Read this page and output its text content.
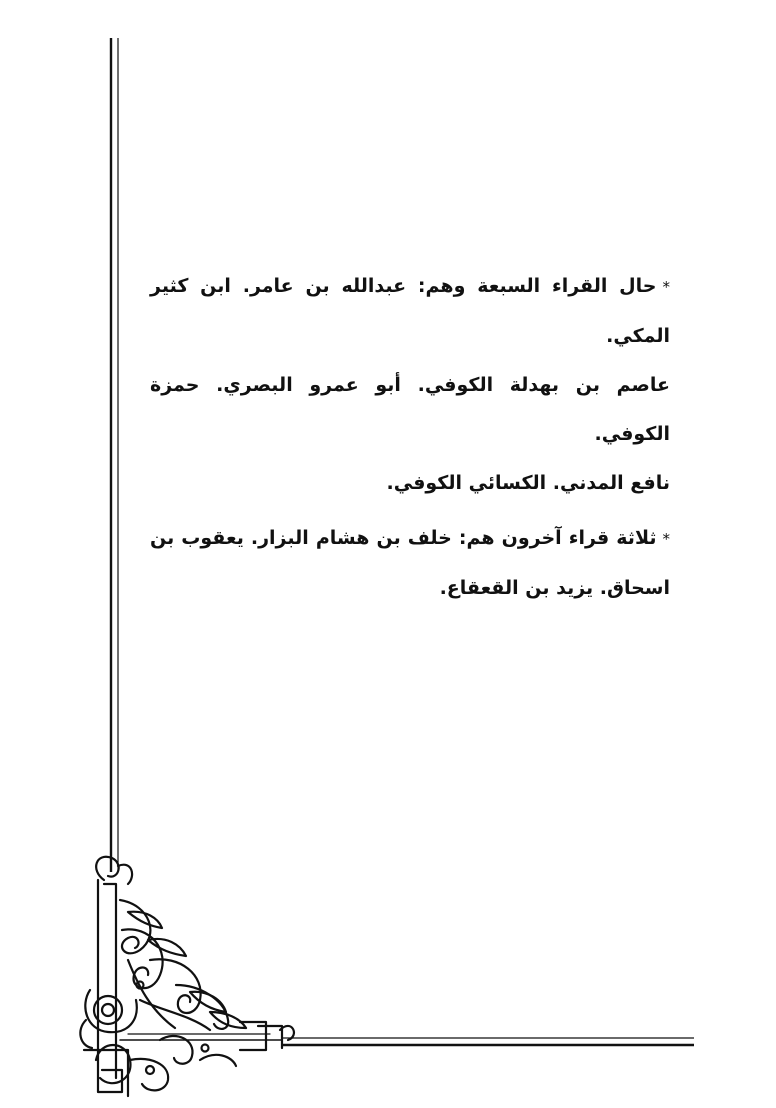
*حال القراء السبعة وهم: عبدالله بن عامر. ابن كثير المكي.
عاصم بن بهدلة الكوفي. أبو عمرو البصري. حمزة الكوفي.
نافع المدني. الكسائي الكوفي.

*ثلاثة قراء آخرون هم: خلف بن هشام البزار. يعقوب بن
اسحاق. يزيد بن القعقاع.
